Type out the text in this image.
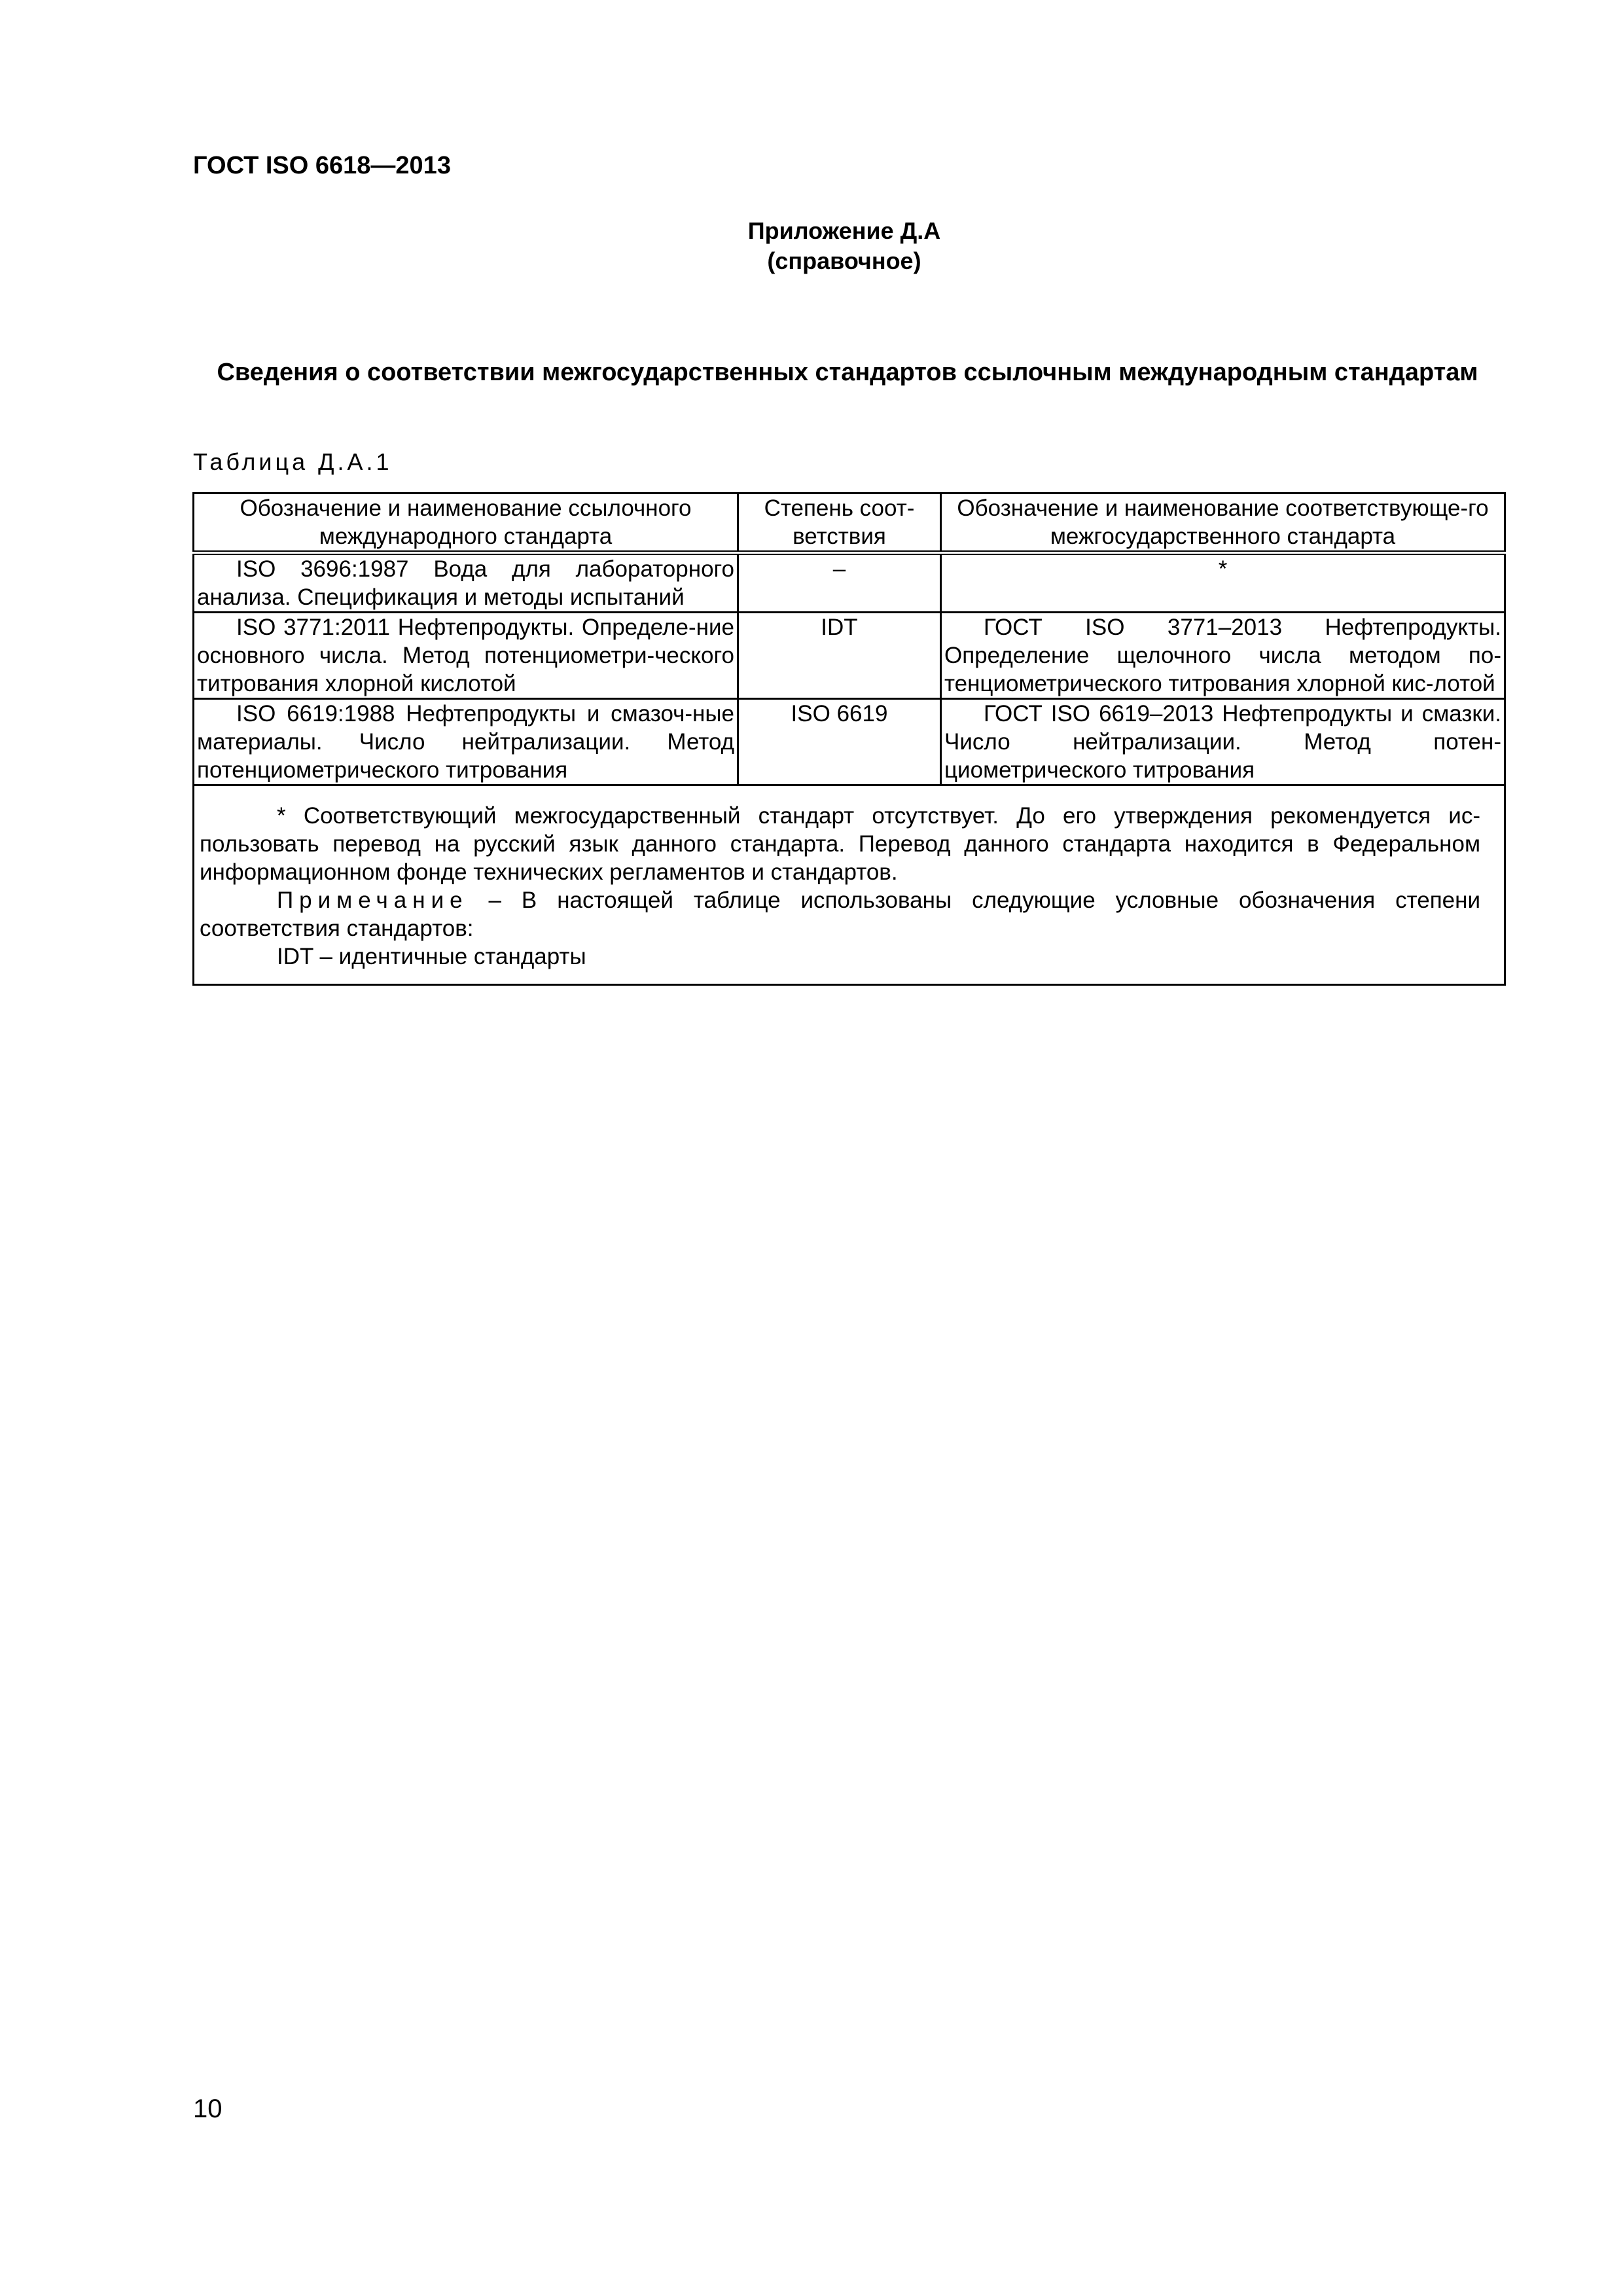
ГОСТ ISO 6618—2013
Приложение Д.А
(справочное)
Сведения о соответствии межгосударственных стандартов ссылочным международным стандартам
Таблица Д.А.1
Обозначение и наименование ссылочного международного стандарта	Степень соот-ветствия	Обозначение и наименование соответствующе-го межгосударственного стандарта

ISO 3696:1987 Вода для лабораторного анализа. Спецификация и методы испытаний	–	*

ISO 3771:2011 Нефтепродукты. Определе-ние основного числа. Метод потенциометри-ческого титрования хлорной кислотой	IDT	ГОСТ ISO 3771–2013 Нефтепродукты. Определение щелочного числа методом по-тенциометрического титрования хлорной кис-лотой

ISO 6619:1988 Нефтепродукты и смазоч-ные материалы. Число нейтрализации. Метод потенциометрического титрования	ISO 6619	ГОСТ ISO 6619–2013 Нефтепродукты и смазки. Число нейтрализации. Метод потен-циометрического титрования

* Соответствующий межгосударственный стандарт отсутствует. До его утверждения рекомендуется ис-пользовать перевод на русский язык данного стандарта. Перевод данного стандарта находится в Федеральном информационном фонде технических регламентов и стандартов.

Примечание – В настоящей таблице использованы следующие условные обозначения степени соответствия стандартов:

IDT – идентичные стандарты		

10
